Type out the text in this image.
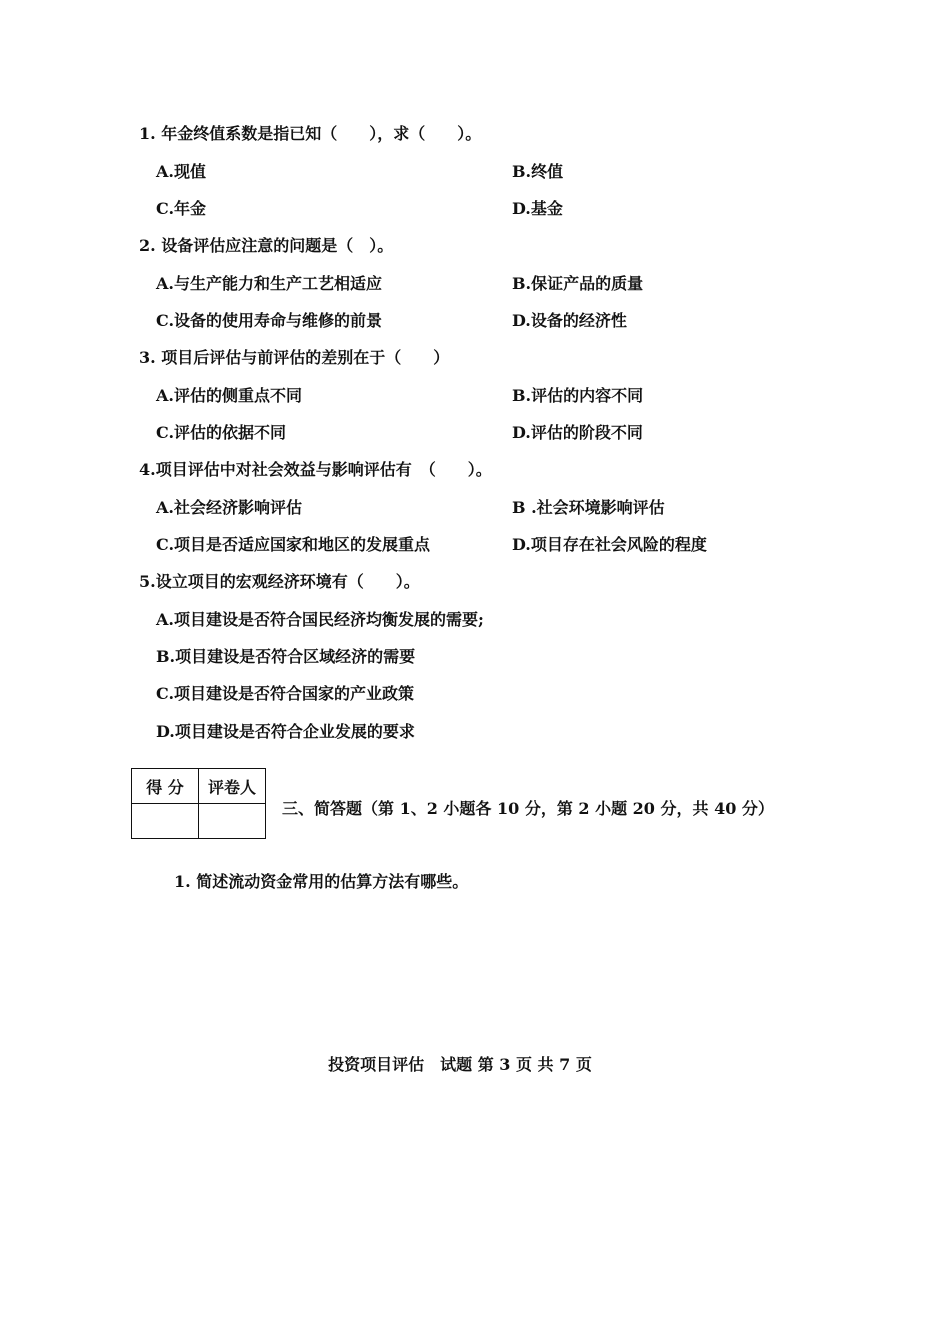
1. 年金终值系数是指已知（　　），求（　　）。
A.现值	B.终值
C.年金	D.基金
2. 设备评估应注意的问题是（　）。
A.与生产能力和生产工艺相适应	B.保证产品的质量
C.设备的使用寿命与维修的前景	D.设备的经济性
3. 项目后评估与前评估的差别在于（　　）
A.评估的侧重点不同	B.评估的内容不同
C.评估的依据不同	D.评估的阶段不同
4.项目评估中对社会效益与影响评估有　（　　）。
A.社会经济影响评估	B .社会环境影响评估
C.项目是否适应国家和地区的发展重点	D.项目存在社会风险的程度
5.设立项目的宏观经济环境有（　　）。
A.项目建设是否符合国民经济均衡发展的需要;
B.项目建设是否符合区域经济的需要
C.项目建设是否符合国家的产业政策
D.项目建设是否符合企业发展的要求
得 分	评卷人

三、简答题（第 1、2 小题各 10 分，第 2 小题 20 分，共 40 分）
1. 简述流动资金常用的估算方法有哪些。
投资项目评估　试题 第 3 页 共 7 页
